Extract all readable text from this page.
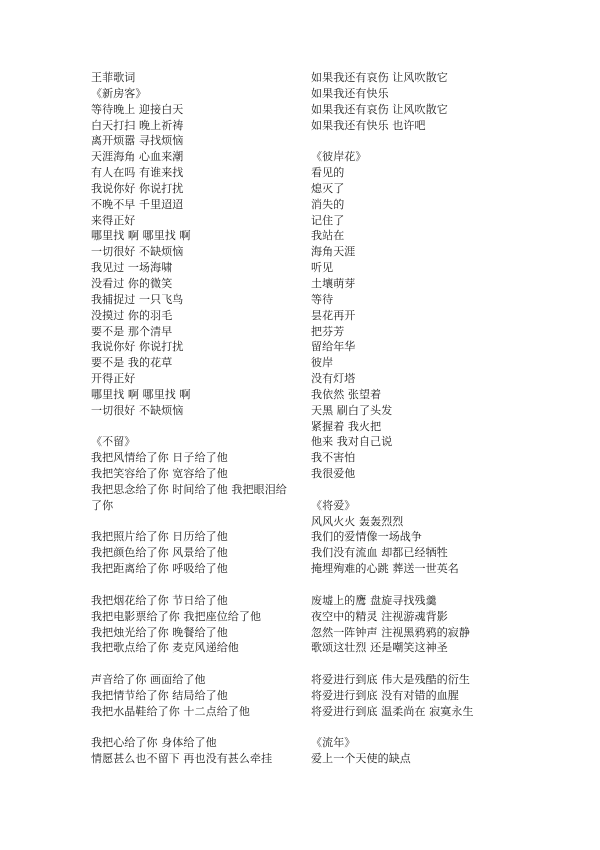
王菲歌词
《新房客》
等待晚上 迎接白天
白天打扫 晚上祈祷
离开烦嚣 寻找烦恼
天涯海角 心血来潮
有人在吗 有谁来找
我说你好 你说打扰
不晚不早 千里迢迢
来得正好
哪里找 啊 哪里找 啊
一切很好 不缺烦恼
我见过 一场海啸
没看过 你的微笑
我捕捉过 一只飞鸟
没摸过 你的羽毛
要不是 那个清早
我说你好 你说打扰
要不是 我的花草
开得正好
哪里找 啊 哪里找 啊
一切很好 不缺烦恼
《不留》
我把风情给了你 日子给了他
我把笑容给了你 宽容给了他
我把思念给了你 时间给了他 我把眼泪给
了你
我把照片给了你 日历给了他
我把颜色给了你 风景给了他
我把距离给了你 呼吸给了他
我把烟花给了你 节日给了他
我把电影票给了你 我把座位给了他
我把烛光给了你 晚餐给了他
我把歌点给了你 麦克风递给他
声音给了你 画面给了他
我把情节给了你 结局给了他
我把水晶鞋给了你 十二点给了他
我把心给了你 身体给了他
情愿甚么也不留下 再也没有甚么牵挂
如果我还有哀伤 让风吹散它
如果我还有快乐
如果我还有哀伤 让风吹散它
如果我还有快乐 也许吧
《彼岸花》
看见的
熄灭了
消失的
记住了
我站在
海角天涯
听见
土壤萌芽
等待
昙花再开
把芬芳
留给年华
彼岸
没有灯塔
我依然 张望着
天黑 刷白了头发
紧握着 我火把
他来 我对自己说
我不害怕
我很爱他
《将爱》
风风火火 轰轰烈烈
我们的爱情像一场战争
我们没有流血 却都已经牺牲
掩埋殉难的心跳 葬送一世英名
废墟上的鹰 盘旋寻找残羹
夜空中的精灵 注视游魂背影
忽然一阵钟声 注视黑鸦鸦的寂静
歌颂这壮烈 还是嘲笑这神圣
将爱进行到底 伟大是残酷的衍生
将爱进行到底 没有对错的血腥
将爱进行到底 温柔尚在 寂寞永生
《流年》
爱上一个天使的缺点
